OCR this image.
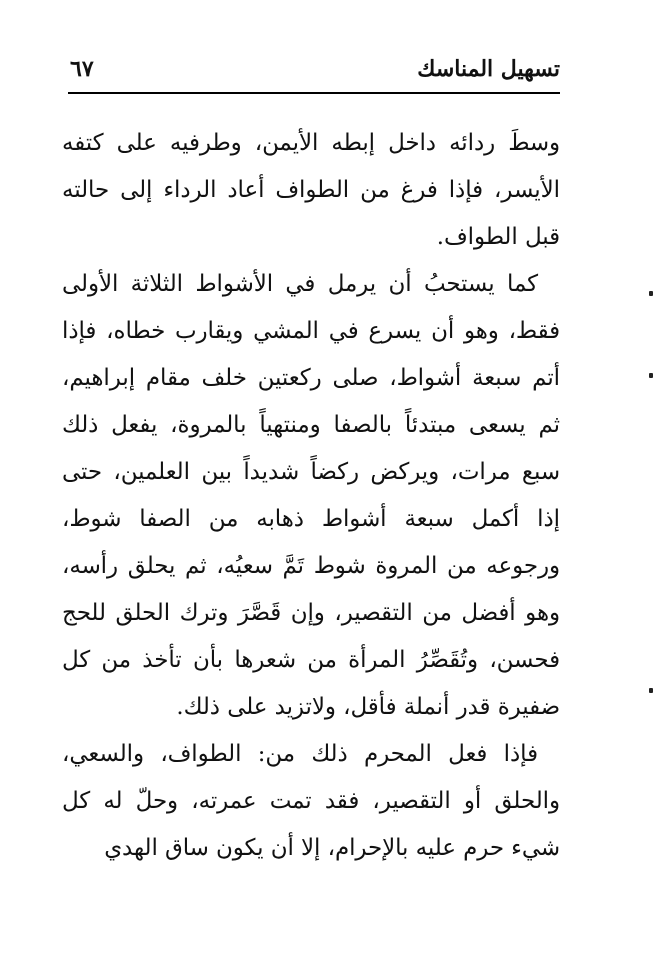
تسهيل المناسك
٦٧

وسطَ ردائه داخل إبطه الأيمن، وطرفيه على كتفه الأيسر، فإذا فرغ من الطواف أعاد الرداء إلى حالته قبل الطواف.

كما يستحبُ أن يرمل في الأشواط الثلاثة الأولى فقط، وهو أن يسرع في المشي ويقارب خطاه، فإذا أتم سبعة أشواط، صلى ركعتين خلف مقام إبراهيم، ثم يسعى مبتدئاً بالصفا ومنتهياً بالمروة، يفعل ذلك سبع مرات، ويركض ركضاً شديداً بين العلمين، حتى إذا أكمل سبعة أشواط ذهابه من الصفا شوط، ورجوعه من المروة شوط تَمَّ سعيُه، ثم يحلق رأسه، وهو أفضل من التقصير، وإن قَصَّرَ وترك الحلق للحج فحسن، وتُقَصِّرُ المرأة من شعرها بأن تأخذ من كل ضفيرة قدر أنملة فأقل، ولاتزيد على ذلك.

فإذا فعل المحرم ذلك من: الطواف، والسعي، والحلق أو التقصير، فقد تمت عمرته، وحلّ له كل شيء حرم عليه بالإحرام، إلا أن يكون ساق الهدي
